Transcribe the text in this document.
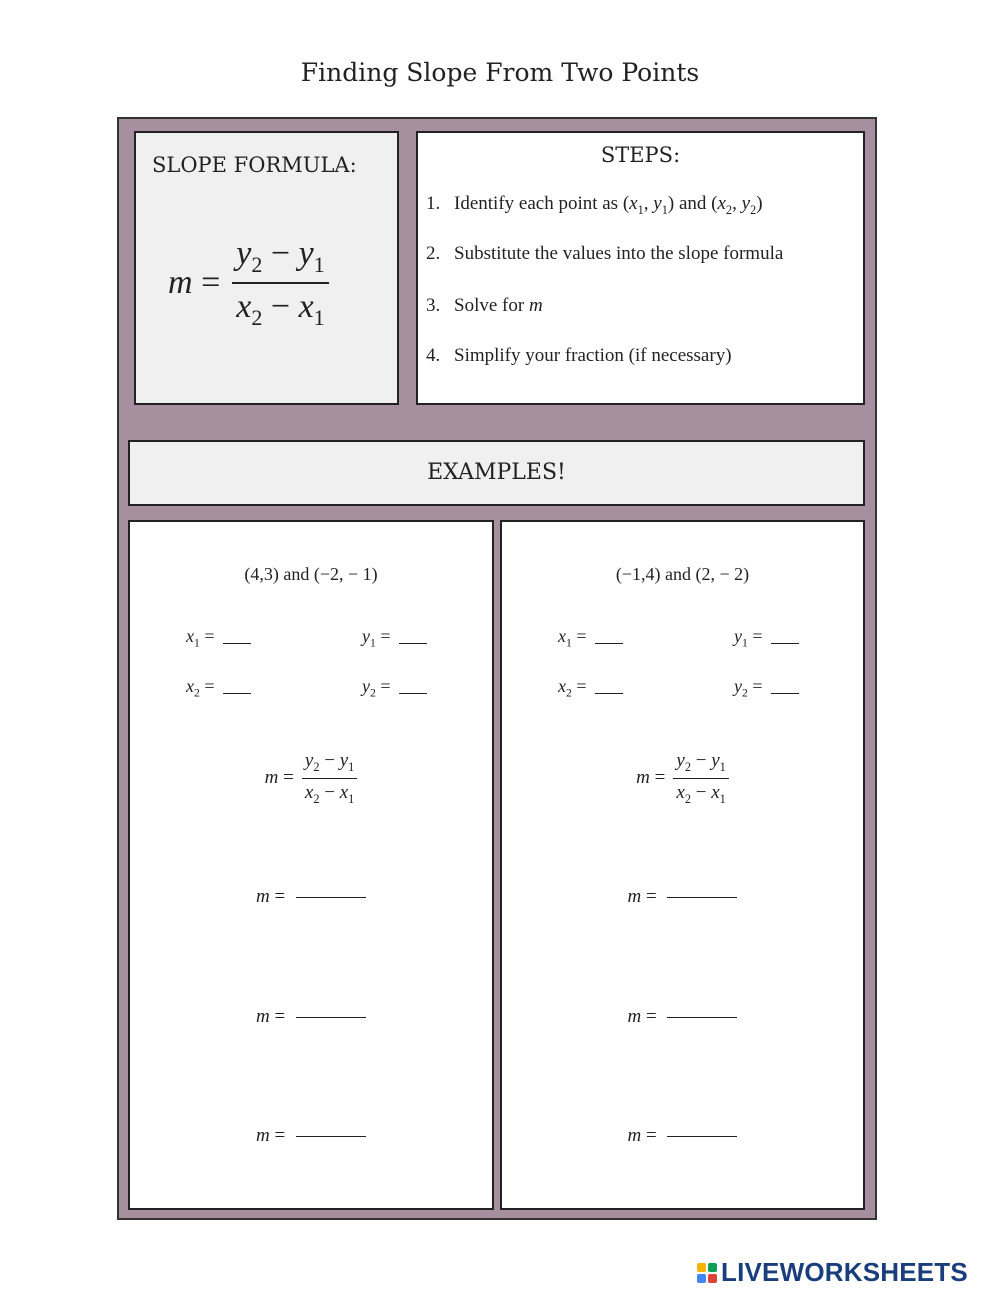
Finding Slope From Two Points
SLOPE FORMULA:
$m = \frac{y_2 - y_1}{x_2 - x_1}$
STEPS:
1. Identify each point as ($x_1$, $y_1$) and ($x_2$, $y_2$)
2. Substitute the values into the slope formula
3. Solve for m
4. Simplify your fraction (if necessary)
EXAMPLES!
(4,3) and (−2, − 1)
$x_1$ =	$y_1$ =
$x_2$ =	$y_2$ =
$m = \frac{y_2 - y_1}{x_2 - x_1}$
m =
m =
m =
(−1,4) and (2, − 2)
$x_1$ =	$y_1$ =
$x_2$ =	$y_2$ =
$m = \frac{y_2 - y_1}{x_2 - x_1}$
m =
m =
m =
LIVEWORKSHEETS
